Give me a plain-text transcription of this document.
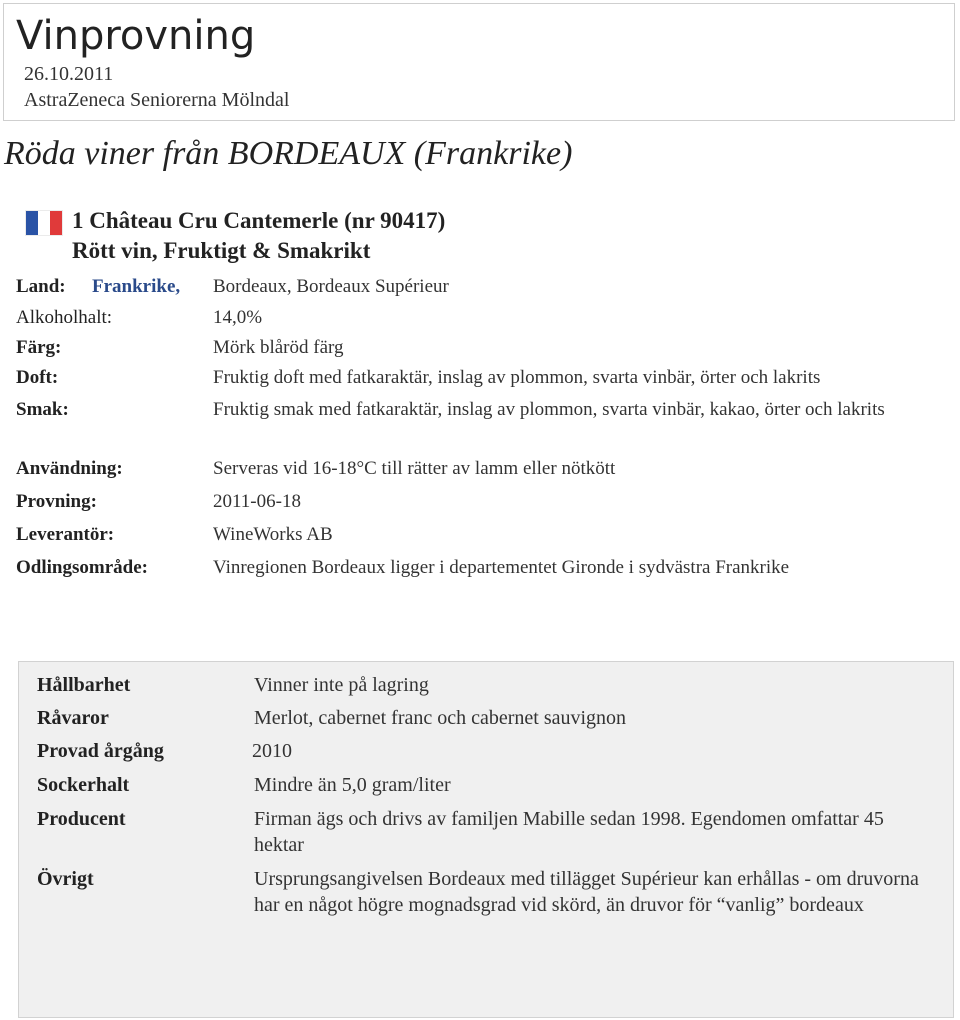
Vinprovning
26.10.2011
AstraZeneca Seniorerna Mölndal
Röda viner från BORDEAUX (Frankrike)
1 Château Cru Cantemerle (nr 90417)
Rött vin, Fruktigt & Smakrikt
Land: Frankrike, Bordeaux, Bordeaux Supérieur
Alkoholhalt:	14,0%
Färg:	Mörk blåröd färg
Doft:	Fruktig doft med fatkaraktär, inslag av plommon, svarta vinbär, örter och lakrits
Smak:	Fruktig smak med fatkaraktär, inslag av plommon, svarta vinbär, kakao, örter och lakrits
Användning:	Serveras vid 16-18°C till rätter av lamm eller nötkött
Provning:	2011-06-18
Leverantör:	WineWorks AB
Odlingsområde:	Vinregionen Bordeaux ligger i departementet Gironde i sydvästra Frankrike
Hållbarhet	Vinner inte på lagring
Råvaror	Merlot, cabernet franc och cabernet sauvignon
Provad årgång	2010
Sockerhalt	Mindre än 5,0 gram/liter
Producent	Firman ägs och drivs av familjen Mabille sedan 1998. Egendomen omfattar 45 hektar
Övrigt	Ursprungsangivelsen Bordeaux med tillägget Supérieur kan erhållas - om druvorna har en något högre mognadsgrad vid skörd, än druvor för “vanlig” bordeaux
